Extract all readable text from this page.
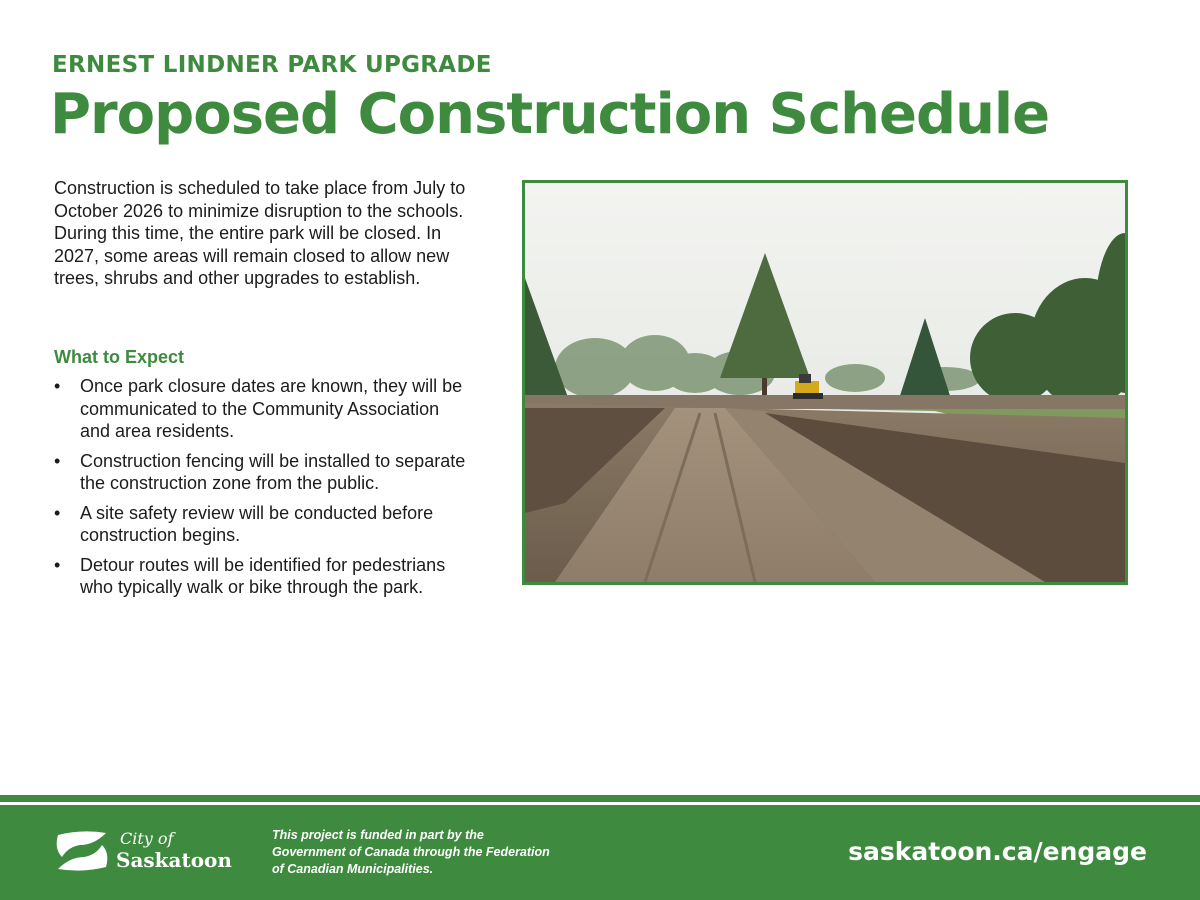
ERNEST LINDNER PARK UPGRADE
Proposed Construction Schedule

Construction is scheduled to take place from July to October 2026 to minimize disruption to the schools. During this time, the entire park will be closed. In 2027, some areas will remain closed to allow new trees, shrubs and other upgrades to establish.

What to Expect
• Once park closure dates are known, they will be communicated to the Community Association and area residents.
• Construction fencing will be installed to separate the construction zone from the public.
• A site safety review will be conducted before construction begins.
• Detour routes will be identified for pedestrians who typically walk or bike through the park.
City of
Saskatoon
This project is funded in part by the Government of Canada through the Federation of Canadian Municipalities.
saskatoon.ca/engage
